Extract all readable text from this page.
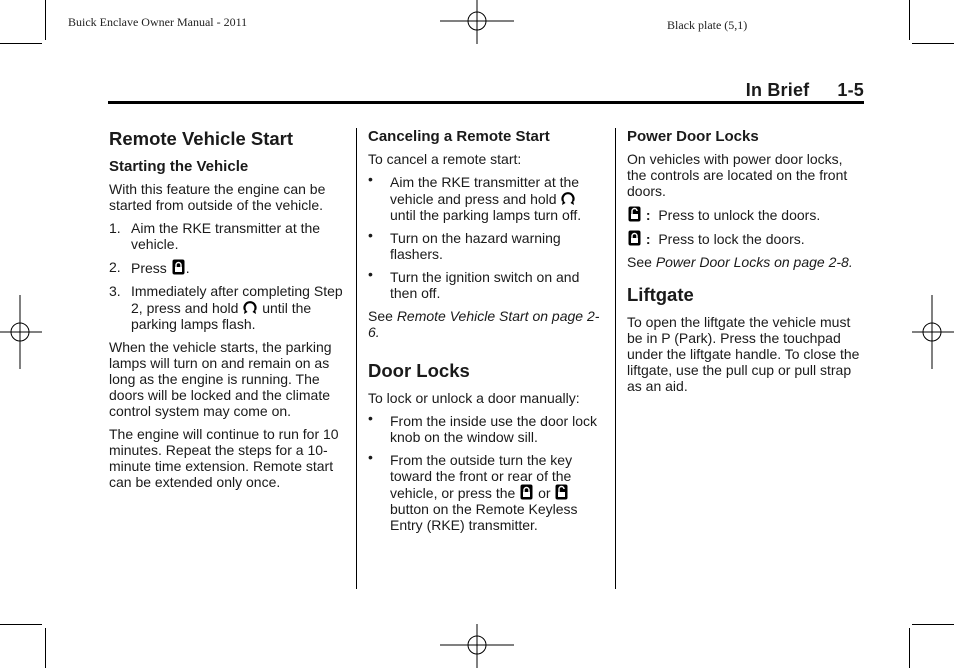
Buick Enclave Owner Manual - 2011	Black plate (5,1)
In Brief 1-5
Remote Vehicle Start
Starting the Vehicle

With this feature the engine can be started from outside of the vehicle.

1. Aim the RKE transmitter at the vehicle.
2. Press .
3. Immediately after completing Step 2, press and hold until the parking lamps flash.

When the vehicle starts, the parking lamps will turn on and remain on as long as the engine is running. The doors will be locked and the climate control system may come on.

The engine will continue to run for 10 minutes. Repeat the steps for a 10-minute time extension. Remote start can be extended only once.

Canceling a Remote Start

To cancel a remote start:

• Aim the RKE transmitter at the vehicle and press and hold  until the parking lamps turn off.
• Turn on the hazard warning flashers.
• Turn the ignition switch on and then off.

See Remote Vehicle Start on page 2-6.

Door Locks

To lock or unlock a door manually:

• From the inside use the door lock knob on the window sill.
• From the outside turn the key toward the front or rear of the vehicle, or press the or  button on the Remote Keyless Entry (RKE) transmitter.
Power Door Locks

On vehicles with power door locks, the controls are located on the front doors.

: Press to unlock the doors.

: Press to lock the doors.

See Power Door Locks on page 2-8.

Liftgate

To open the liftgate the vehicle must be in P (Park). Press the touchpad under the liftgate handle. To close the liftgate, use the pull cup or pull strap as an aid.
